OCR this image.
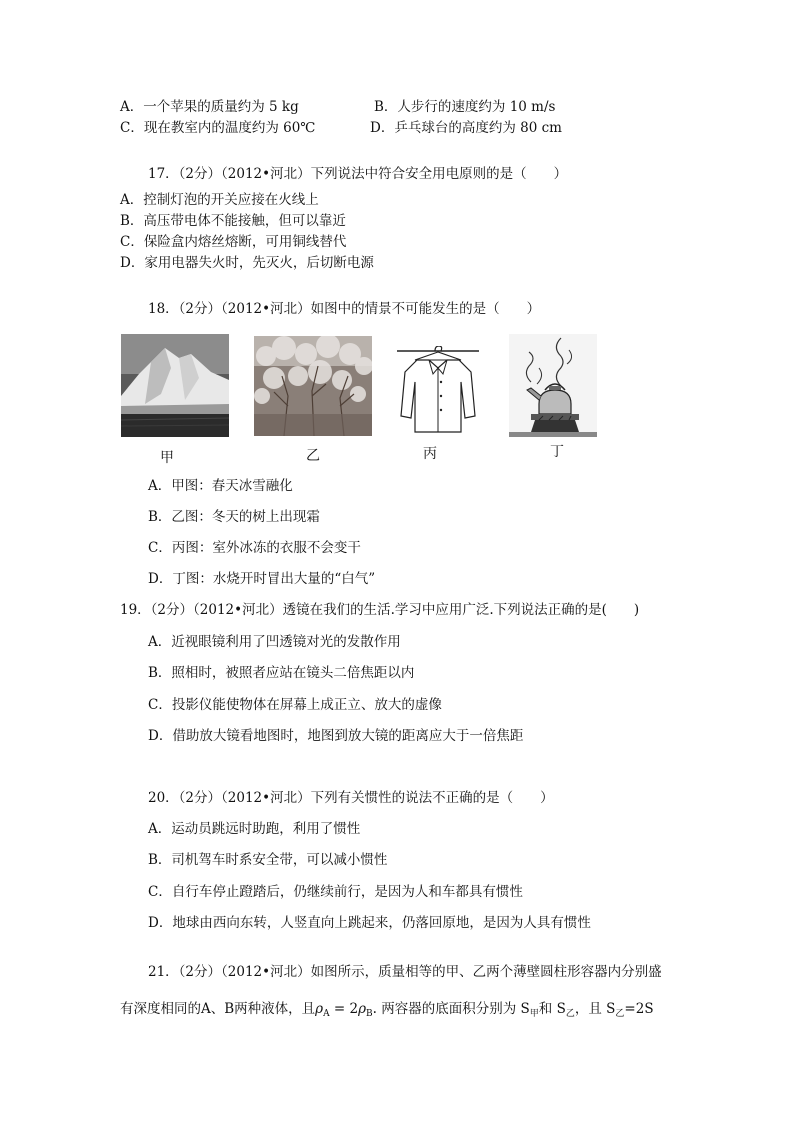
A．一个苹果的质量约为 5 kg	B．人步行的速度约为 10 m/s
C．现在教室内的温度约为 60℃	D．乒乓球台的高度约为 80 cm
17．（2分）（2012•河北）下列说法中符合安全用电原则的是（　　）
A．控制灯泡的开关应接在火线上
B．高压带电体不能接触，但可以靠近
C．保险盒内熔丝熔断，可用铜线替代
D．家用电器失火时，先灭火，后切断电源
18．（2分）（2012•河北）如图中的情景不可能发生的是（　　）
甲	乙	丙	丁
A．甲图：春天冰雪融化
B．乙图：冬天的树上出现霜
C．丙图：室外冰冻的衣服不会变干
D．丁图：水烧开时冒出大量的“白气”
19．（2分）（2012•河北）透镜在我们的生活.学习中应用广泛.下列说法正确的是(　　)
A．近视眼镜利用了凹透镜对光的发散作用
B．照相时，被照者应站在镜头二倍焦距以内
C．投影仪能使物体在屏幕上成正立、放大的虚像
D．借助放大镜看地图时，地图到放大镜的距离应大于一倍焦距
20．（2分）（2012•河北）下列有关惯性的说法不正确的是（　　）
A．运动员跳远时助跑，利用了惯性
B．司机驾车时系安全带，可以减小惯性
C．自行车停止蹬踏后，仍继续前行，是因为人和车都具有惯性
D．地球由西向东转，人竖直向上跳起来，仍落回原地，是因为人具有惯性
21．（2分）（2012•河北）如图所示，质量相等的甲、乙两个薄壁圆柱形容器内分别盛
有深度相同的A、B两种液体，且$\rho_A = 2\rho_B$. 两容器的底面积分别为 $S_甲$和 $S_乙$，且 $S_乙=2S$
